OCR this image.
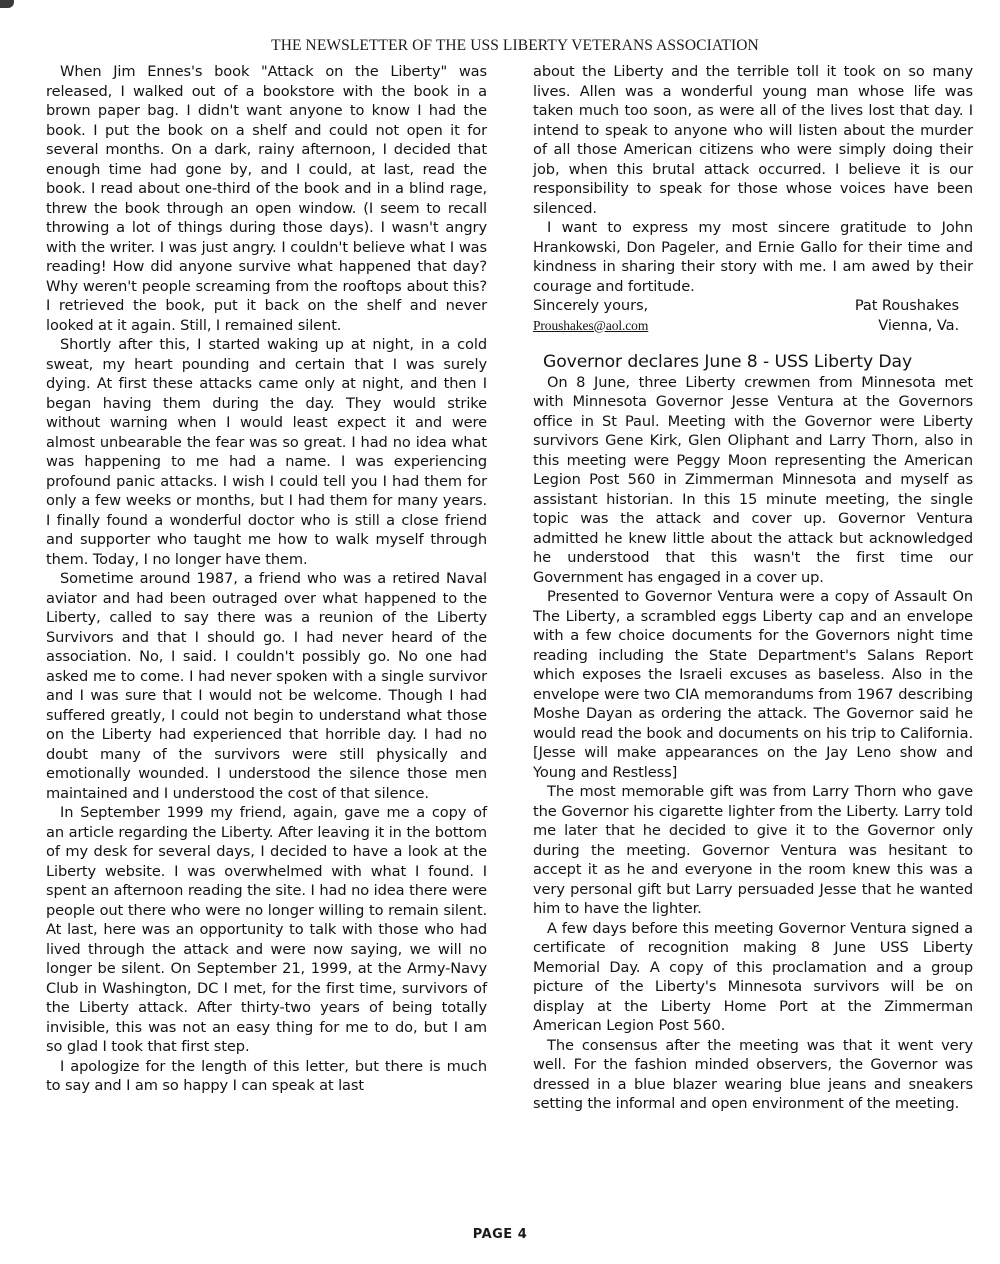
THE NEWSLETTER OF THE USS LIBERTY VETERANS ASSOCIATION

When Jim Ennes's book "Attack on the Liberty" was released, I walked out of a bookstore with the book in a brown paper bag. I didn't want anyone to know I had the book. I put the book on a shelf and could not open it for several months. On a dark, rainy afternoon, I decided that enough time had gone by, and I could, at last, read the book. I read about one-third of the book and in a blind rage, threw the book through an open window. (I seem to recall throwing a lot of things during those days). I wasn't angry with the writer. I was just angry. I couldn't believe what I was reading! How did anyone survive what happened that day? Why weren't people screaming from the rooftops about this? I retrieved the book, put it back on the shelf and never looked at it again. Still, I remained silent.

Shortly after this, I started waking up at night, in a cold sweat, my heart pounding and certain that I was surely dying. At first these attacks came only at night, and then I began having them during the day. They would strike without warning when I would least expect it and were almost unbearable the fear was so great. I had no idea what was happening to me had a name. I was experiencing profound panic attacks. I wish I could tell you I had them for only a few weeks or months, but I had them for many years. I finally found a wonderful doctor who is still a close friend and supporter who taught me how to walk myself through them. Today, I no longer have them.

Sometime around 1987, a friend who was a retired Naval aviator and had been outraged over what happened to the Liberty, called to say there was a reunion of the Liberty Survivors and that I should go. I had never heard of the association. No, I said. I couldn't possibly go. No one had asked me to come. I had never spoken with a single survivor and I was sure that I would not be welcome. Though I had suffered greatly, I could not begin to understand what those on the Liberty had experienced that horrible day. I had no doubt many of the survivors were still physically and emotionally wounded. I understood the silence those men maintained and I understood the cost of that silence.

In September 1999 my friend, again, gave me a copy of an article regarding the Liberty. After leaving it in the bottom of my desk for several days, I decided to have a look at the Liberty website. I was overwhelmed with what I found. I spent an afternoon reading the site. I had no idea there were people out there who were no longer willing to remain silent. At last, here was an opportunity to talk with those who had lived through the attack and were now saying, we will no longer be silent. On September 21, 1999, at the Army-Navy Club in Washington, DC I met, for the first time, survivors of the Liberty attack. After thirty-two years of being totally invisible, this was not an easy thing for me to do, but I am so glad I took that first step.

I apologize for the length of this letter, but there is much to say and I am so happy I can speak at last

about the Liberty and the terrible toll it took on so many lives. Allen was a wonderful young man whose life was taken much too soon, as were all of the lives lost that day. I intend to speak to anyone who will listen about the murder of all those American citizens who were simply doing their job, when this brutal attack occurred. I believe it is our responsibility to speak for those whose voices have been silenced.

I want to express my most sincere gratitude to John Hrankowski, Don Pageler, and Ernie Gallo for their time and kindness in sharing their story with me. I am awed by their courage and fortitude.

Sincerely yours,	Pat Roushakes
Proushakes@aol.com	Vienna, Va.
Governor declares June 8 - USS Liberty Day

On 8 June, three Liberty crewmen from Minnesota met with Minnesota Governor Jesse Ventura at the Governors office in St Paul. Meeting with the Governor were Liberty survivors Gene Kirk, Glen Oliphant and Larry Thorn, also in this meeting were Peggy Moon representing the American Legion Post 560 in Zimmerman Minnesota and myself as assistant historian. In this 15 minute meeting, the single topic was the attack and cover up. Governor Ventura admitted he knew little about the attack but acknowledged he understood that this wasn't the first time our Government has engaged in a cover up.

Presented to Governor Ventura were a copy of Assault On The Liberty, a scrambled eggs Liberty cap and an envelope with a few choice documents for the Governors night time reading including the State Department's Salans Report which exposes the Israeli excuses as baseless. Also in the envelope were two CIA memorandums from 1967 describing Moshe Dayan as ordering the attack. The Governor said he would read the book and documents on his trip to California. [Jesse will make appearances on the Jay Leno show and Young and Restless]

The most memorable gift was from Larry Thorn who gave the Governor his cigarette lighter from the Liberty. Larry told me later that he decided to give it to the Governor only during the meeting. Governor Ventura was hesitant to accept it as he and everyone in the room knew this was a very personal gift but Larry persuaded Jesse that he wanted him to have the lighter.

A few days before this meeting Governor Ventura signed a certificate of recognition making 8 June USS Liberty Memorial Day. A copy of this proclamation and a group picture of the Liberty's Minnesota survivors will be on display at the Liberty Home Port at the Zimmerman American Legion Post 560.

The consensus after the meeting was that it went very well. For the fashion minded observers, the Governor was dressed in a blue blazer wearing blue jeans and sneakers setting the informal and open environment of the meeting.

PAGE 4
